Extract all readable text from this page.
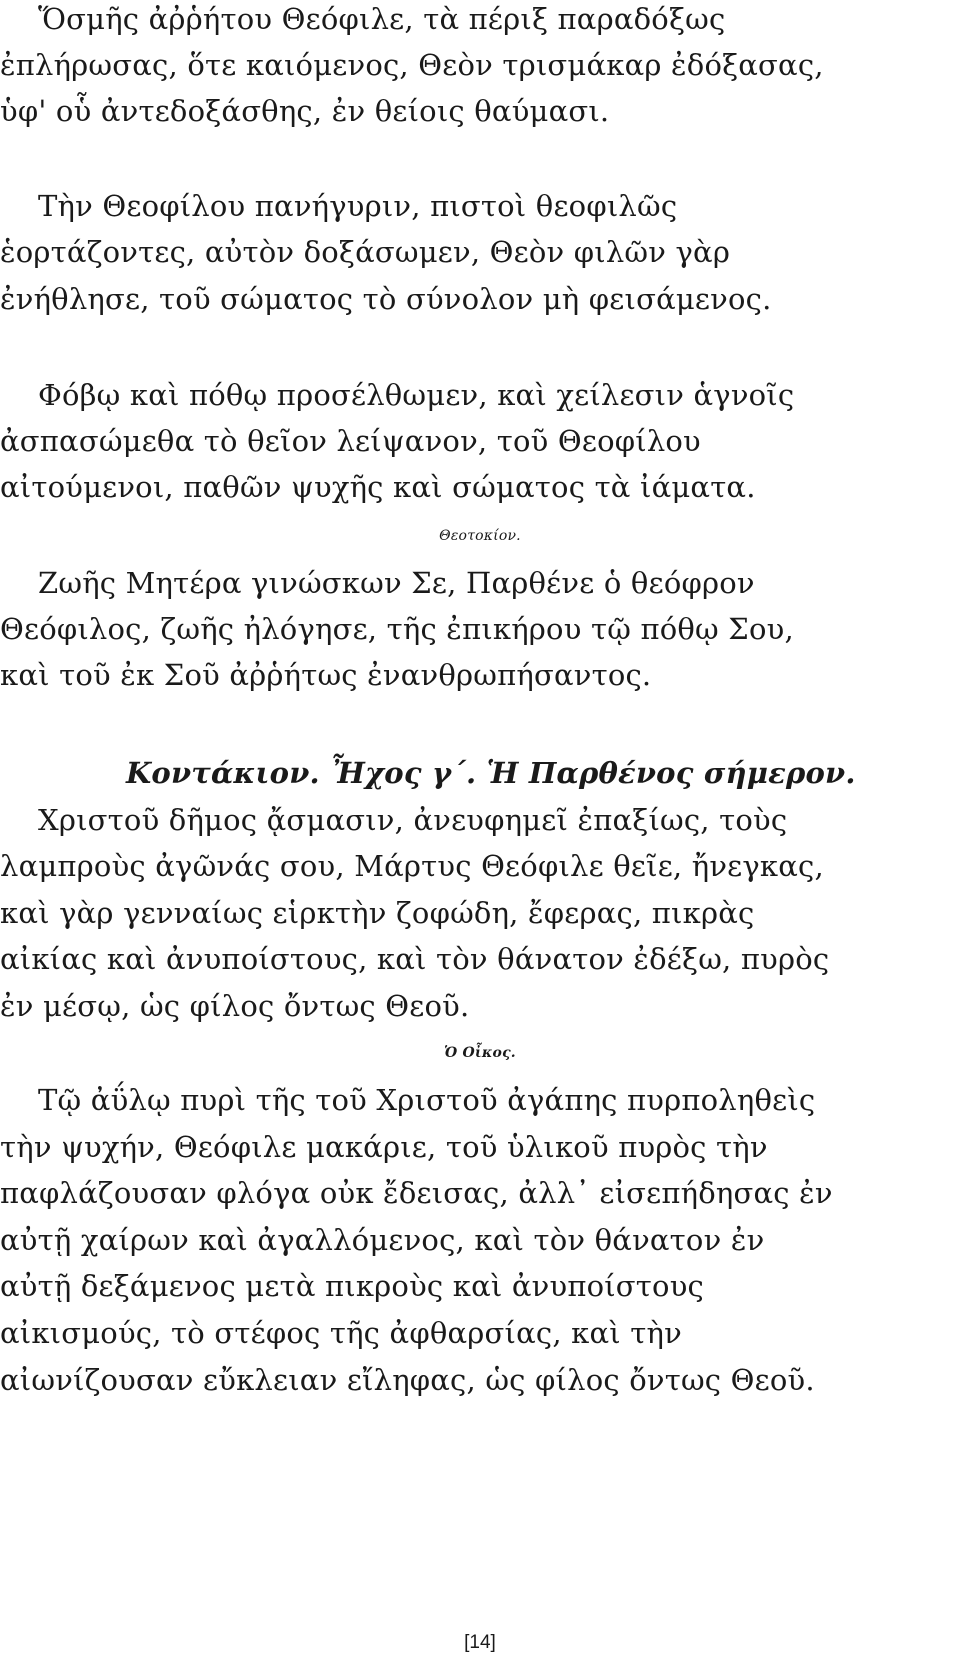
Ὅσμῆς ἀῤῥήτου Θεόφιλε, τὰ πέριξ παραδόξως
ἐπλήρωσας, ὅτε καιόμενος, Θεὸν τρισμάκαρ ἐδόξασας,
ὑφ' οὗ ἀντεδοξάσθης, ἐν θείοις θαύμασι.
Τὴν Θεοφίλου πανήγυριν, πιστοὶ θεοφιλῶς
ἑορτάζοντες, αὐτὸν δοξάσωμεν, Θεὸν φιλῶν γὰρ
ἐνήθλησε, τοῦ σώματος τὸ σύνολον μὴ φεισάμενος.
Φόβῳ καὶ πόθῳ προσέλθωμεν, καὶ χείλεσιν ἁγνοῖς
ἀσπασώμεθα τὸ θεῖον λείψανον, τοῦ Θεοφίλου
αἰτούμενοι, παθῶν ψυχῆς καὶ σώματος τὰ ἰάματα.
Θεοτοκίον.
Ζωῆς Μητέρα γινώσκων Σε, Παρθένε ὁ θεόφρον
Θεόφιλος, ζωῆς ἠλόγησε, τῆς ἐπικήρου τῷ πόθῳ Σου,
καὶ τοῦ ἐκ Σοῦ ἀῤῥήτως ἐνανθρωπήσαντος.
Κοντάκιον. Ἦχος γ΄. Ἡ Παρθένος σήμερον.
Χριστοῦ δῆμος ᾄσμασιν, ἀνευφημεῖ ἐπαξίως, τοὺς
λαμπροὺς ἀγῶνάς σου, Μάρτυς Θεόφιλε θεῖε, ἤνεγκας,
καὶ γὰρ γενναίως εἱρκτὴν ζοφώδη, ἔφερας, πικρὰς
αἰκίας καὶ ἀνυποίστους, καὶ τὸν θάνατον ἐδέξω, πυρὸς
ἐν μέσῳ, ὡς φίλος ὄντως Θεοῦ.
Ὁ Οἶκος.
Τῷ ἀΰλῳ πυρὶ τῆς τοῦ Χριστοῦ ἀγάπης πυρποληθεὶς
τὴν ψυχήν, Θεόφιλε μακάριε, τοῦ ὑλικοῦ πυρὸς τὴν
παφλάζουσαν φλόγα οὐκ ἔδεισας, ἀλλ᾽ εἰσεπήδησας ἐν
αὐτῇ χαίρων καὶ ἀγαλλόμενος, καὶ τὸν θάνατον ἐν
αὐτῇ δεξάμενος μετὰ πικροὺς καὶ ἀνυποίστους
αἰκισμούς, τὸ στέφος τῆς ἀφθαρσίας, καὶ τὴν
αἰωνίζουσαν εὔκλειαν εἴληφας, ὡς φίλος ὄντως Θεοῦ.
[14]
